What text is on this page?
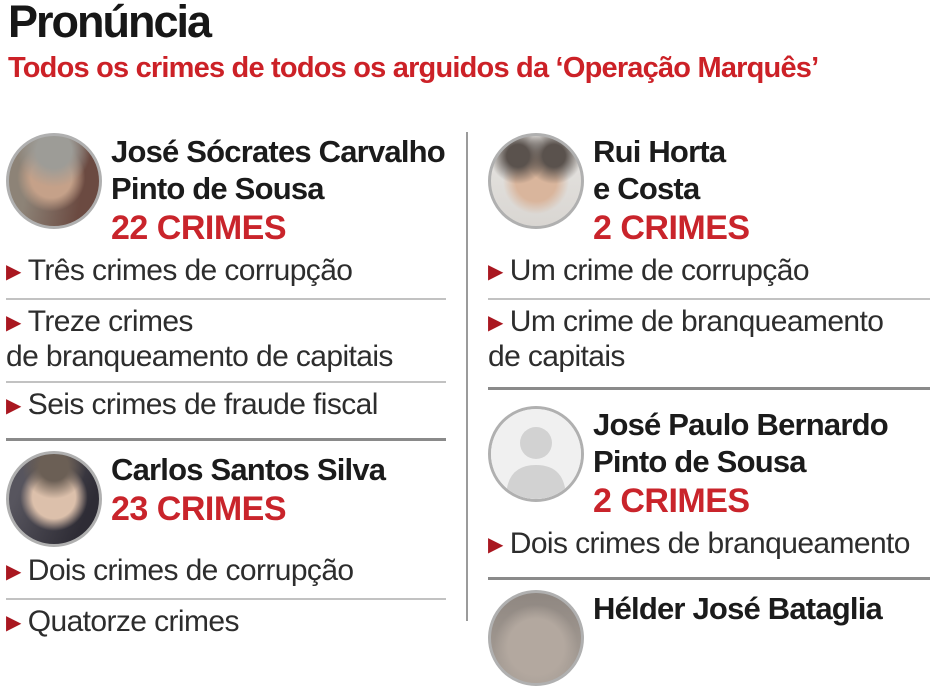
Pronúncia
Todos os crimes de todos os arguidos da ‘Operação Marquês’
José Sócrates Carvalho
Pinto de Sousa
22 CRIMES
▶ Três crimes de corrupção
▶ Treze crimes
de branqueamento de capitais
▶ Seis crimes de fraude fiscal
Carlos Santos Silva
23 CRIMES
▶ Dois crimes de corrupção
▶ Quatorze crimes
Rui Horta
e Costa
2 CRIMES
▶ Um crime de corrupção
▶ Um crime de branqueamento
de capitais
José Paulo Bernardo
Pinto de Sousa
2 CRIMES
▶ Dois crimes de branqueamento
Hélder José Bataglia
